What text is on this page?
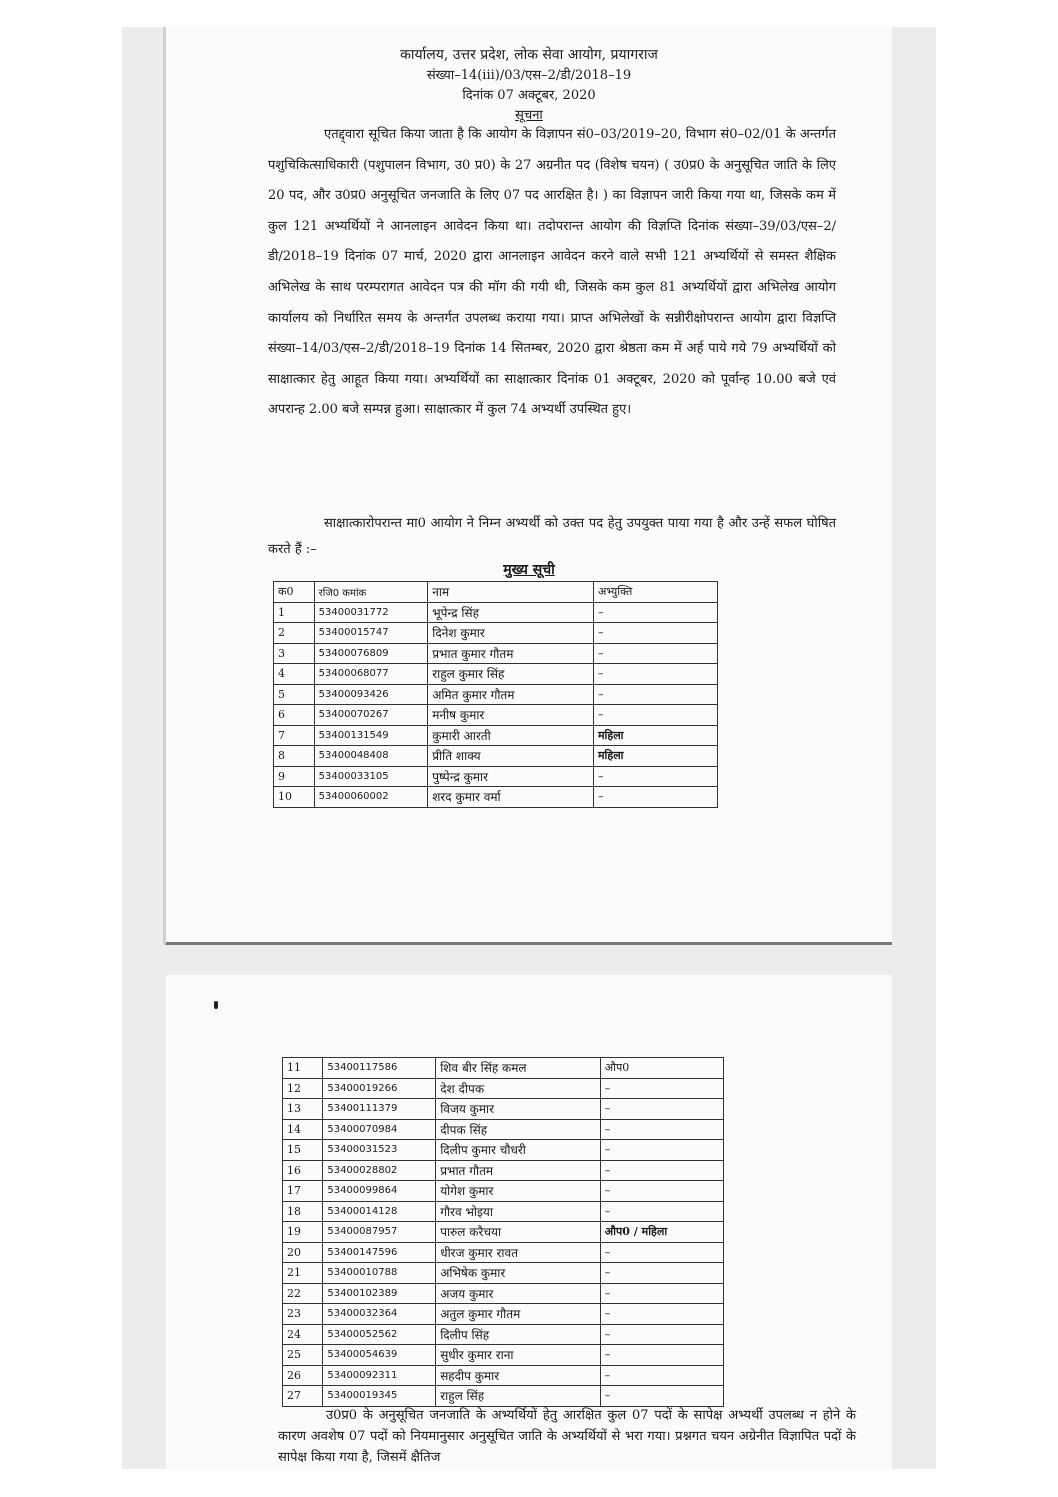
कार्यालय, उत्तर प्रदेश, लोक सेवा आयोग, प्रयागराज
संख्या–14(iii)/03/एस–2/डी/2018–19
दिनांक 07 अक्टूबर, 2020
सूचना

एतद्द्वारा सूचित किया जाता है कि आयोग के विज्ञापन सं0–03/2019–20, विभाग सं0–02/01 के अन्तर्गत पशुचिकित्साधिकारी (पशुपालन विभाग, उ0 प्र0) के 27 अग्रनीत पद (विशेष चयन) ( उ0प्र0 के अनुसूचित जाति के लिए 20 पद, और उ0प्र0 अनुसूचित जनजाति के लिए 07 पद आरक्षित है। ) का विज्ञापन जारी किया गया था, जिसके कम में कुल 121 अभ्यर्थियों ने आनलाइन आवेदन किया था। तदोपरान्त आयोग की विज्ञप्ति दिनांक संख्या–39/03/एस–2/डी/2018–19 दिनांक 07 मार्च, 2020 द्वारा आनलाइन आवेदन करने वाले सभी 121 अभ्यर्थियों से समस्त शैक्षिक अभिलेख के साथ परम्परागत आवेदन पत्र की मॉग की गयी थी, जिसके कम कुल 81 अभ्यर्थियों द्वारा अभिलेख आयोग कार्यालय को निर्धारित समय के अन्तर्गत उपलब्ध कराया गया। प्राप्त अभिलेखों के सन्नीरीक्षोपरान्त आयोग द्वारा विज्ञप्ति संख्या–14/03/एस–2/डी/2018–19 दिनांक 14 सितम्बर, 2020 द्वारा श्रेष्ठता कम में अर्ह पाये गये 79 अभ्यर्थियों को साक्षात्कार हेतु आहूत किया गया। अभ्यर्थियों का साक्षात्कार दिनांक 01 अक्टूबर, 2020 को पूर्वान्ह 10.00 बजे एवं अपरान्ह 2.00 बजे सम्पन्न हुआ। साक्षात्कार में कुल 74 अभ्यर्थी उपस्थित हुए।

साक्षात्कारोपरान्त मा0 आयोग ने निम्न अभ्यर्थी को उक्त पद हेतु उपयुक्त पाया गया है और उन्हें सफल घोषित करते हैं :–

मुख्य सूची
क0	रजि0 कमांक	नाम	अभ्युक्ति
1	53400031772	भूपेन्द्र सिंह	–
2	53400015747	दिनेश कुमार	–
3	53400076809	प्रभात कुमार गौतम	–
4	53400068077	राहुल कुमार सिंह	–
5	53400093426	अमित कुमार गौतम	–
6	53400070267	मनीष कुमार	–
7	53400131549	कुमारी आरती	महिला
8	53400048408	प्रीति शाक्य	महिला
9	53400033105	पुष्पेन्द्र कुमार	–
10	53400060002	शरद कुमार वर्मा	–
11	53400117586	शिव बीर सिंह कमल	औप0
12	53400019266	देश दीपक	–
13	53400111379	विजय कुमार	–
14	53400070984	दीपक सिंह	–
15	53400031523	दिलीप कुमार चौधरी	–
16	53400028802	प्रभात गौतम	–
17	53400099864	योगेश कुमार	–
18	53400014128	गौरव भोइया	–
19	53400087957	पारुल करैचया	औप0 / महिला
20	53400147596	धीरज कुमार रावत	–
21	53400010788	अभिषेक कुमार	–
22	53400102389	अजय कुमार	–
23	53400032364	अतुल कुमार गौतम	–
24	53400052562	दिलीप सिंह	–
25	53400054639	सुधीर कुमार राना	–
26	53400092311	सहदीप कुमार	–
27	53400019345	राहुल सिंह	–

उ0प्र0 के अनुसूचित जनजाति के अभ्यर्थियों हेतु आरक्षित कुल 07 पदों के सापेक्ष अभ्यर्थी उपलब्ध न होने के कारण अवशेष 07 पदों को नियमानुसार अनुसूचित जाति के अभ्यर्थियों से भरा गया। प्रश्नगत चयन अग्रेनीत विज्ञापित पदों के सापेक्ष किया गया है, जिसमें क्षैतिज
